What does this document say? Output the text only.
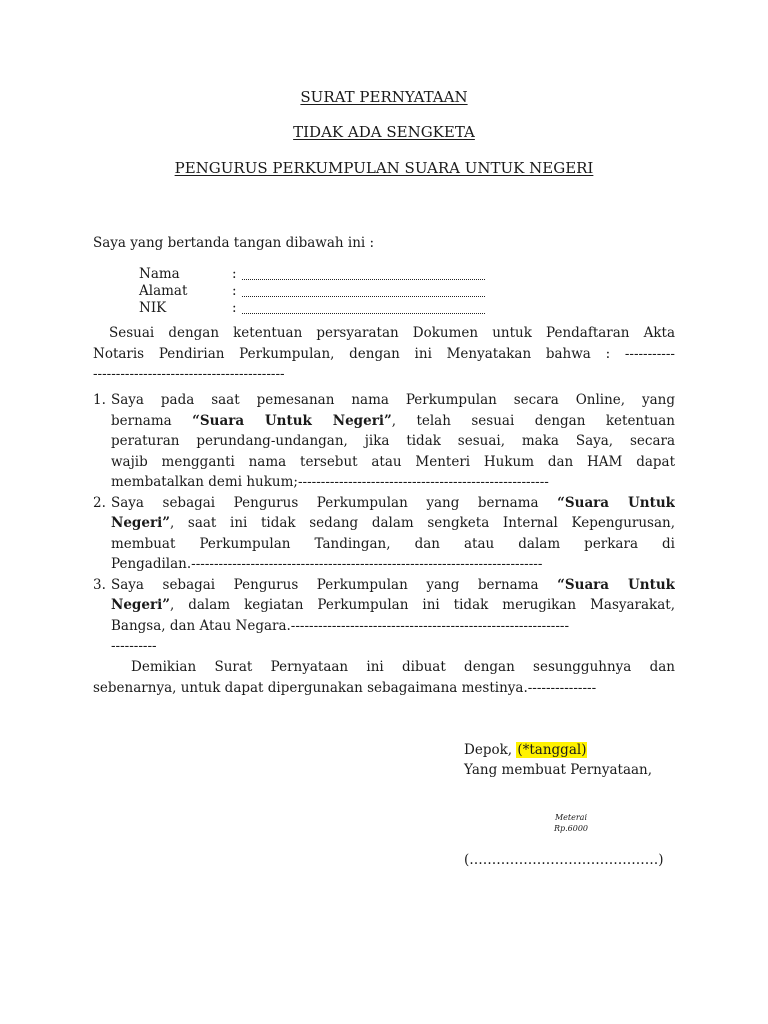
SURAT PERNYATAAN
TIDAK ADA SENGKETA
PENGURUS PERKUMPULAN SUARA UNTUK NEGERI

Saya yang bertanda tangan dibawah ini :

Nama	:
Alamat	:
NIK	:
Sesuai dengan ketentuan persyaratan Dokumen untuk Pendaftaran Akta
Notaris Pendirian Perkumpulan, dengan ini Menyatakan bahwa : -----------
------------------------------------------
1. Saya pada saat pemesanan nama Perkumpulan secara Online, yang
bernama “Suara Untuk Negeri”, telah sesuai dengan ketentuan
peraturan perundang-undangan, jika tidak sesuai, maka Saya, secara
wajib mengganti nama tersebut atau Menteri Hukum dan HAM dapat
membatalkan demi hukum;-------------------------------------------------------
2. Saya sebagai Pengurus Perkumpulan yang bernama “Suara Untuk
Negeri”, saat ini tidak sedang dalam sengketa Internal Kepengurusan,
membuat Perkumpulan Tandingan, dan atau dalam perkara di
Pengadilan.-----------------------------------------------------------------------------
3. Saya sebagai Pengurus Perkumpulan yang bernama “Suara Untuk
Negeri”, dalam kegiatan Perkumpulan ini tidak merugikan Masyarakat,
Bangsa, dan Atau Negara.-------------------------------------------------------------
----------
Demikian Surat Pernyataan ini dibuat dengan sesungguhnya dan
sebenarnya, untuk dapat dipergunakan sebagaimana mestinya.---------------
Depok, (*tanggal)
Yang membuat Pernyataan,
Meterai
Rp.6000
(……………………………………)
